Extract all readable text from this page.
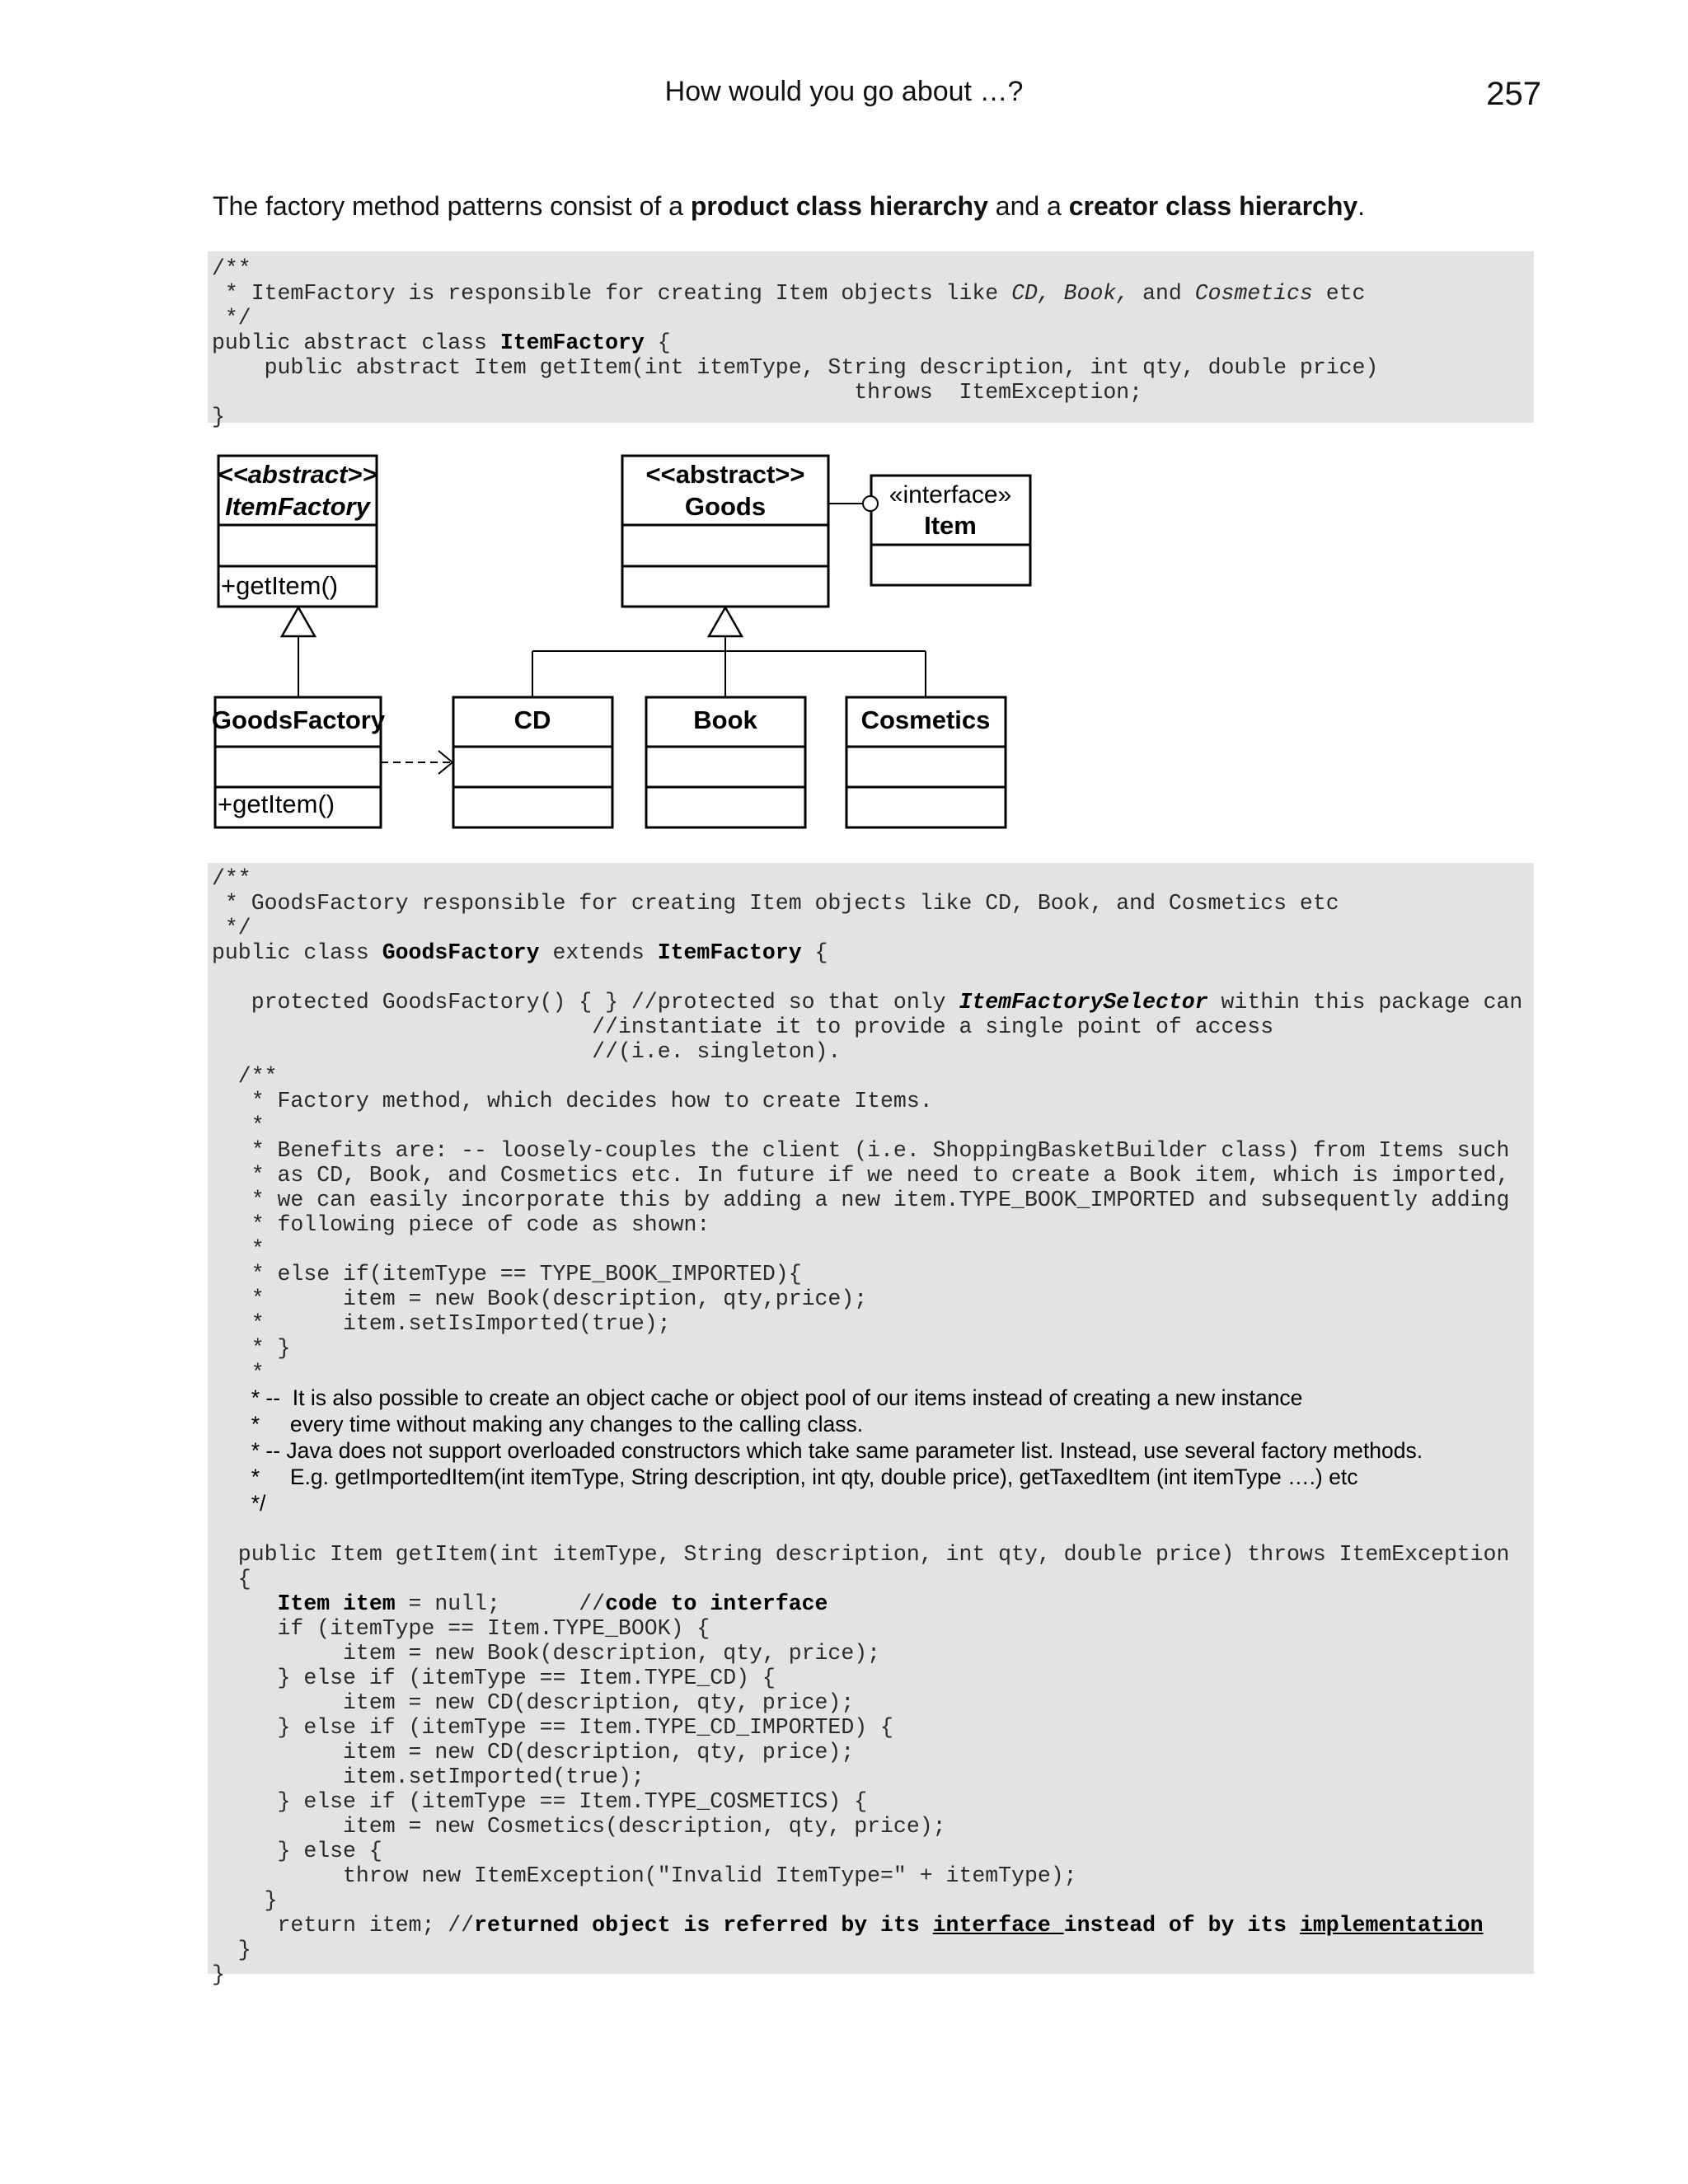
How would you go about …?	257
The factory method patterns consist of a product class hierarchy and a creator class hierarchy.
/**
* ItemFactory is responsible for creating Item objects like CD, Book, and Cosmetics etc
*/
public abstract class ItemFactory {
public abstract Item getItem(int itemType, String description, int qty, double price)
throws  ItemException;
}
<<abstract>>
ItemFactory
+getItem()
<<abstract>>
Goods	«interface»
Item
GoodsFactory
+getItem()
CD	Book	Cosmetics
/**
* GoodsFactory responsible for creating Item objects like CD, Book, and Cosmetics etc
*/
public class GoodsFactory extends ItemFactory {

protected GoodsFactory() { } //protected so that only ItemFactorySelector within this package can
//instantiate it to provide a single point of access
//(i.e. singleton).
/**
* Factory method, which decides how to create Items.
*
* Benefits are: -- loosely-couples the client (i.e. ShoppingBasketBuilder class) from Items such
* as CD, Book, and Cosmetics etc. In future if we need to create a Book item, which is imported,
* we can easily incorporate this by adding a new item.TYPE_BOOK_IMPORTED and subsequently adding
* following piece of code as shown:
*
* else if(itemType == TYPE_BOOK_IMPORTED){
*      item = new Book(description, qty,price);
*      item.setIsImported(true);
* }
*
* --  It is also possible to create an object cache or object pool of our items instead of creating a new instance
*     every time without making any changes to the calling class.
* -- Java does not support overloaded constructors which take same parameter list. Instead, use several factory methods.
*     E.g. getImportedItem(int itemType, String description, int qty, double price), getTaxedItem (int itemType ….) etc
*/

public Item getItem(int itemType, String description, int qty, double price) throws ItemException
{
Item item = null;      //code to interface
if (itemType == Item.TYPE_BOOK) {
item = new Book(description, qty, price);
} else if (itemType == Item.TYPE_CD) {
item = new CD(description, qty, price);
} else if (itemType == Item.TYPE_CD_IMPORTED) {
item = new CD(description, qty, price);
item.setImported(true);
} else if (itemType == Item.TYPE_COSMETICS) {
item = new Cosmetics(description, qty, price);
} else {
throw new ItemException("Invalid ItemType=" + itemType);
}
return item; //returned object is referred by its interface instead of by its implementation
}
}
